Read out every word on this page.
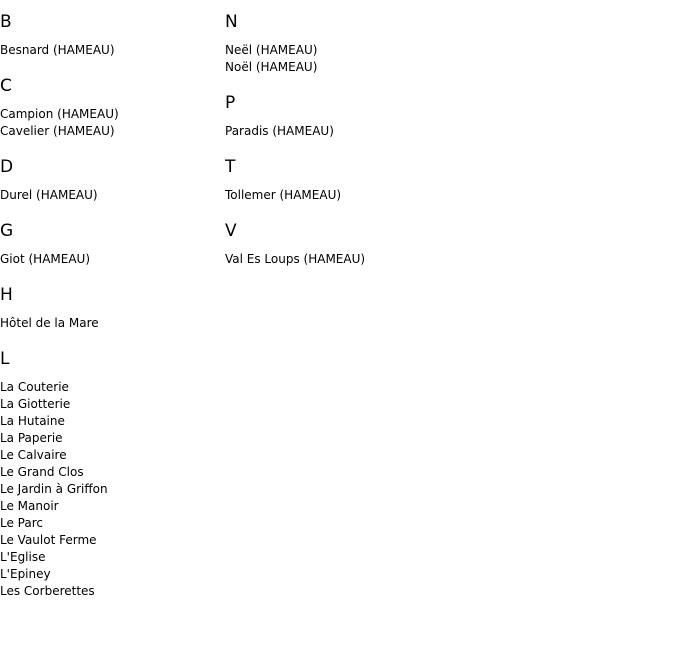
B
Besnard (HAMEAU)
C
Campion (HAMEAU)
Cavelier (HAMEAU)
D
Durel (HAMEAU)
G
Giot (HAMEAU)
H
Hôtel de la Mare
L
La Couterie
La Giotterie
La Hutaine
La Paperie
Le Calvaire
Le Grand Clos
Le Jardin à Griffon
Le Manoir
Le Parc
Le Vaulot Ferme
L'Eglise
L'Epiney
Les Corberettes
N
Neël (HAMEAU)
Noël (HAMEAU)
P
Paradis (HAMEAU)
T
Tollemer (HAMEAU)
V
Val Es Loups (HAMEAU)
